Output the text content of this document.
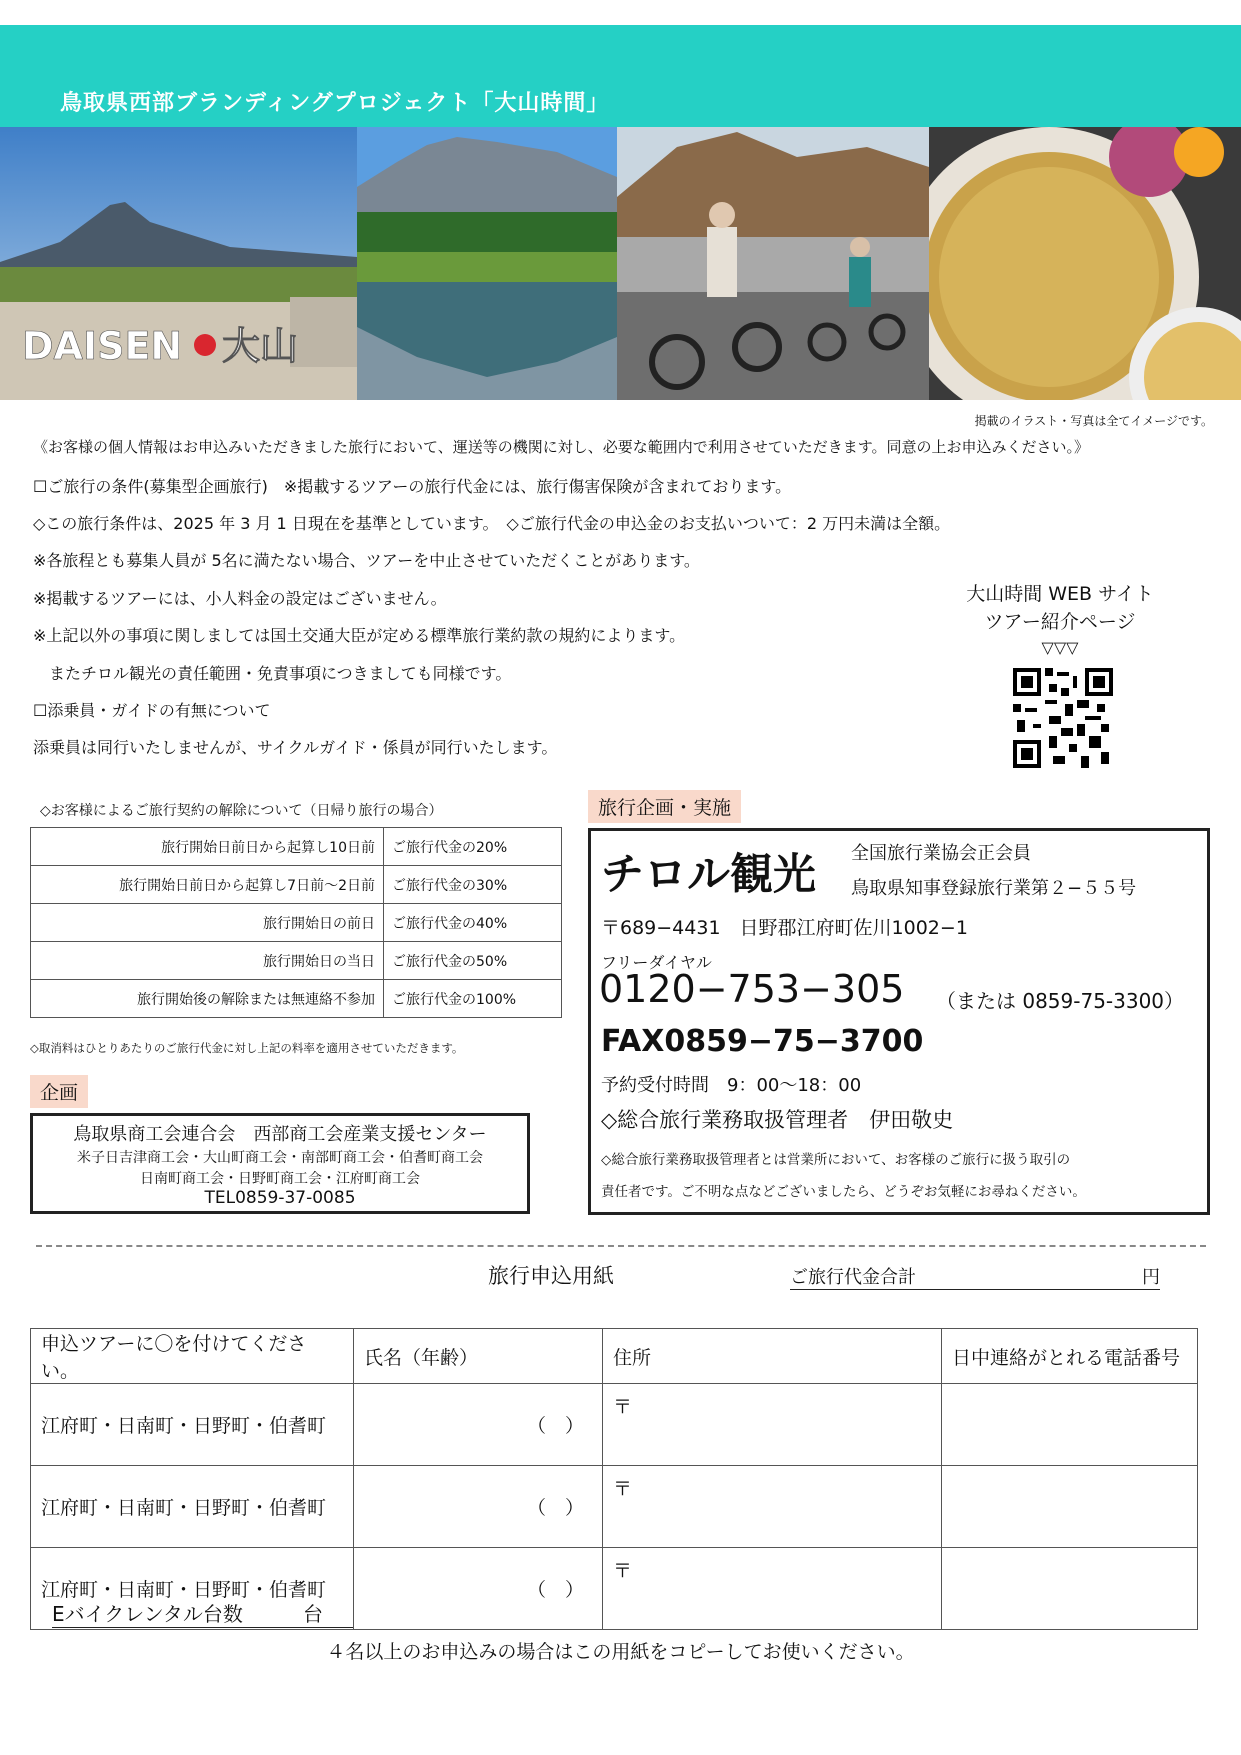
鳥取県西部ブランディングプロジェクト「大山時間」
DAISEN 大山
掲載のイラスト・写真は全てイメージです。
《お客様の個人情報はお申込みいただきました旅行において、運送等の機関に対し、必要な範囲内で利用させていただきます。同意の上お申込みください。》
☐ご旅行の条件(募集型企画旅行)　※掲載するツアーの旅行代金には、旅行傷害保険が含まれております。
◇この旅行条件は、2025 年 3 月 1 日現在を基準としています。　◇ご旅行代金の申込金のお支払いついて：2 万円未満は全額。
※各旅程とも募集人員が 5名に満たない場合、ツアーを中止させていただくことがあります。
※掲載するツアーには、小人料金の設定はございません。
※上記以外の事項に関しましては国土交通大臣が定める標準旅行業約款の規約によります。
　またチロル観光の責任範囲・免責事項につきましても同様です。
☐添乗員・ガイドの有無について
添乗員は同行いたしませんが、サイクルガイド・係員が同行いたします。
大山時間 WEB サイト
ツアー紹介ページ
▽▽▽
◇お客様によるご旅行契約の解除について（日帰り旅行の場合）
旅行開始日前日から起算し10日前	ご旅行代金の20%
旅行開始日前日から起算し7日前〜2日前	ご旅行代金の30%
旅行開始日の前日	ご旅行代金の40%
旅行開始日の当日	ご旅行代金の50%
旅行開始後の解除または無連絡不参加	ご旅行代金の100%
◇取消料はひとりあたりのご旅行代金に対し上記の料率を適用させていただきます。
企画
鳥取県商工会連合会　西部商工会産業支援センター
米子日吉津商工会・大山町商工会・南部町商工会・伯耆町商工会
日南町商工会・日野町商工会・江府町商工会
TEL0859-37-0085
旅行企画・実施
チロル観光 全国旅行業協会正会員
鳥取県知事登録旅行業第２−５５号
〒689−4431　日野郡江府町佐川1002−1
フリーダイヤル
0120−753−305 （または 0859-75-3300）
FAX0859−75−3700
予約受付時間　9：00〜18：00
◇総合旅行業務取扱管理者　伊田敬史
◇総合旅行業務取扱管理者とは営業所において、お客様のご旅行に扱う取引の
責任者です。ご不明な点などございましたら、どうぞお気軽にお尋ねください。
旅行申込用紙	ご旅行代金合計	円
申込ツアーに〇を付けてください。	氏名（年齢）	住所	日中連絡がとれる電話番号
江府町・日南町・日野町・伯耆町	（　）	〒	
江府町・日南町・日野町・伯耆町	（　）	〒	
江府町・日南町・日野町・伯耆町	（　）	〒	
Eバイクレンタル台数	台
４名以上のお申込みの場合はこの用紙をコピーしてお使いください。
